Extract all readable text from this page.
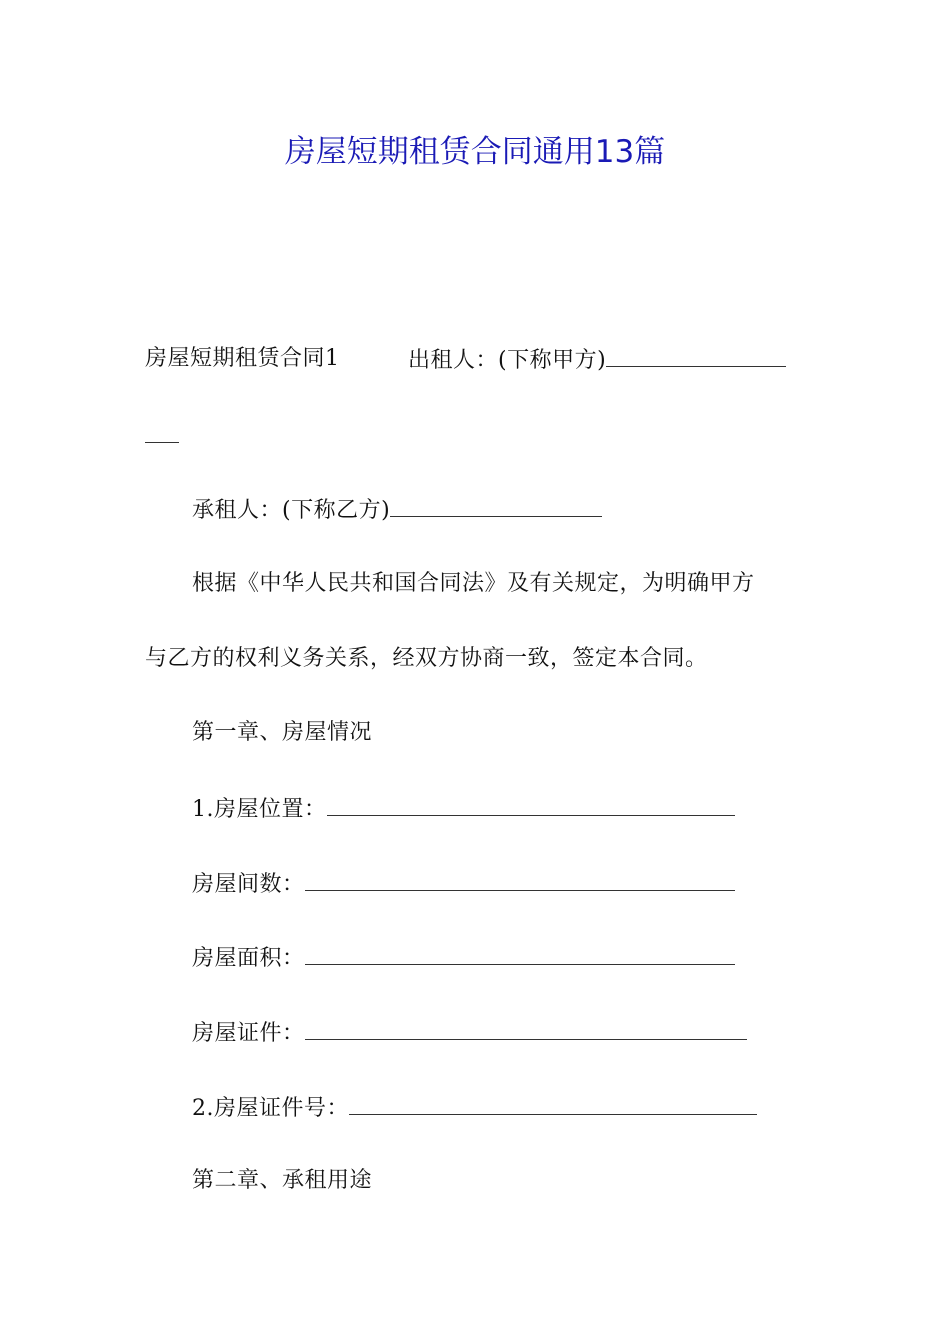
房屋短期租赁合同通用13篇
房屋短期租赁合同1	出租人：(下称甲方)
承租人：(下称乙方)
根据《中华人民共和国合同法》及有关规定，为明确甲方
与乙方的权利义务关系，经双方协商一致，签定本合同。
第一章、房屋情况
1.房屋位置：
房屋间数：
房屋面积：
房屋证件：
2.房屋证件号：
第二章、承租用途
